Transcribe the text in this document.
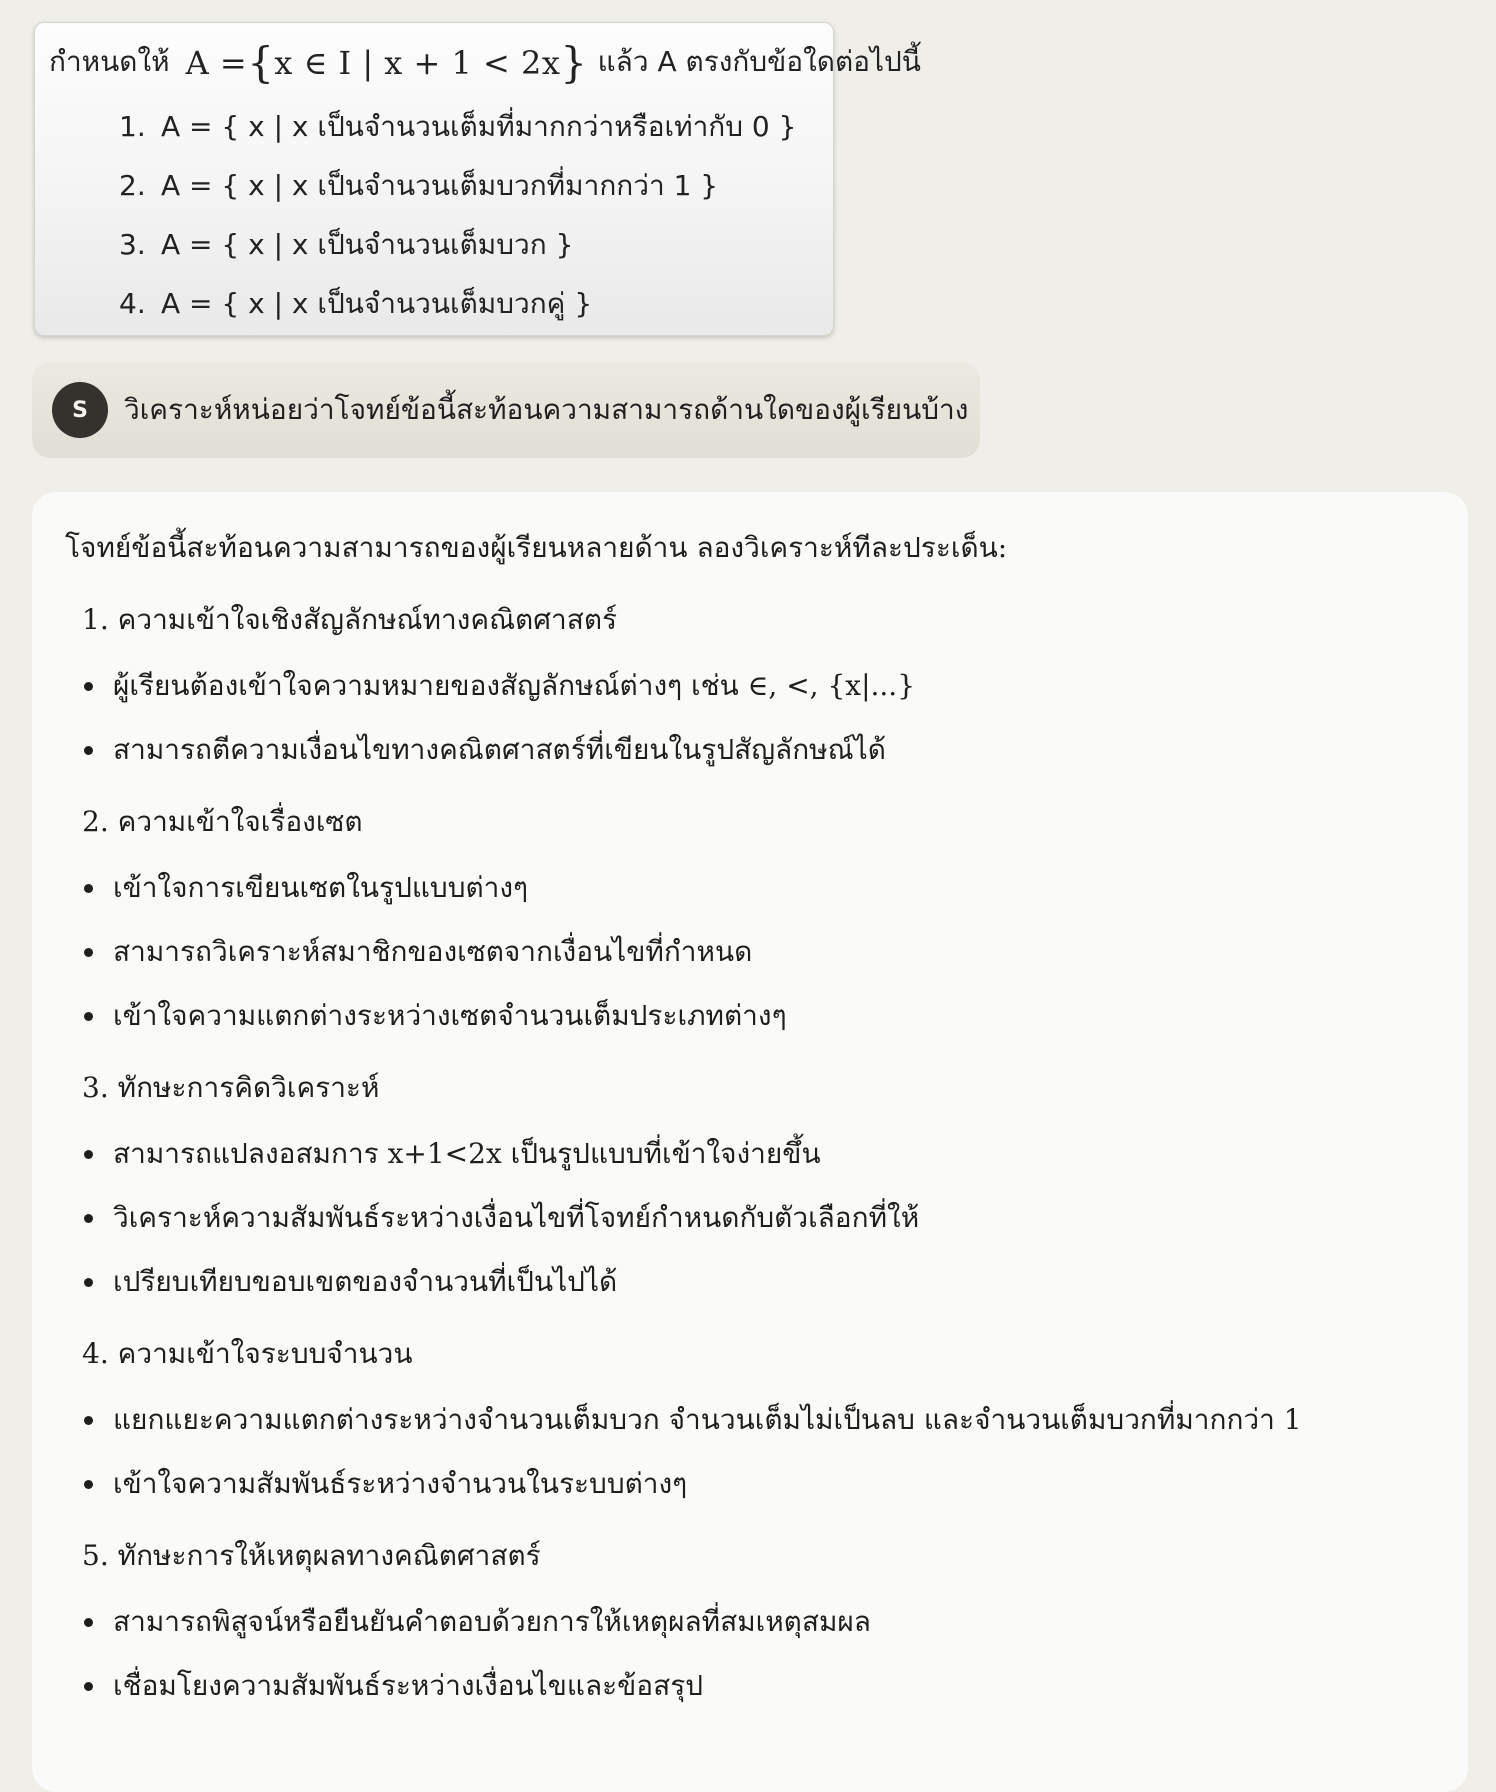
กำหนดให้ A ={x ∈ I | x + 1 < 2x} แล้ว A ตรงกับข้อใดต่อไปนี้
1. A = { x | x เป็นจำนวนเต็มที่มากกว่าหรือเท่ากับ 0 }
2. A = { x | x เป็นจำนวนเต็มบวกที่มากกว่า 1 }
3. A = { x | x เป็นจำนวนเต็มบวก }
4. A = { x | x เป็นจำนวนเต็มบวกคู่ }
S	วิเคราะห์หน่อยว่าโจทย์ข้อนี้สะท้อนความสามารถด้านใดของผู้เรียนบ้าง

โจทย์ข้อนี้สะท้อนความสามารถของผู้เรียนหลายด้าน ลองวิเคราะห์ทีละประเด็น:

1. ความเข้าใจเชิงสัญลักษณ์ทางคณิตศาสตร์
ผู้เรียนต้องเข้าใจความหมายของสัญลักษณ์ต่างๆ เช่น ∈, <, {x|...}
สามารถตีความเงื่อนไขทางคณิตศาสตร์ที่เขียนในรูปสัญลักษณ์ได้
2. ความเข้าใจเรื่องเซต
เข้าใจการเขียนเซตในรูปแบบต่างๆ
สามารถวิเคราะห์สมาชิกของเซตจากเงื่อนไขที่กำหนด
เข้าใจความแตกต่างระหว่างเซตจำนวนเต็มประเภทต่างๆ
3. ทักษะการคิดวิเคราะห์
สามารถแปลงอสมการ x+1<2x เป็นรูปแบบที่เข้าใจง่ายขึ้น
วิเคราะห์ความสัมพันธ์ระหว่างเงื่อนไขที่โจทย์กำหนดกับตัวเลือกที่ให้
เปรียบเทียบขอบเขตของจำนวนที่เป็นไปได้
4. ความเข้าใจระบบจำนวน
แยกแยะความแตกต่างระหว่างจำนวนเต็มบวก จำนวนเต็มไม่เป็นลบ และจำนวนเต็มบวกที่มากกว่า 1
เข้าใจความสัมพันธ์ระหว่างจำนวนในระบบต่างๆ
5. ทักษะการให้เหตุผลทางคณิตศาสตร์
สามารถพิสูจน์หรือยืนยันคำตอบด้วยการให้เหตุผลที่สมเหตุสมผล
เชื่อมโยงความสัมพันธ์ระหว่างเงื่อนไขและข้อสรุป
